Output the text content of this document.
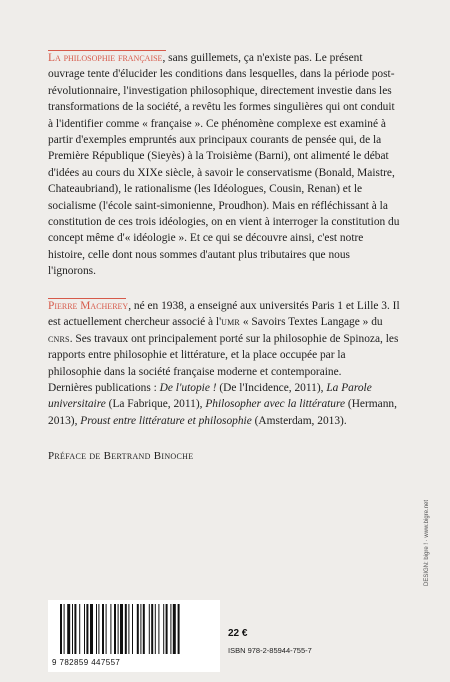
La philosophie française, sans guillemets, ça n'existe pas. Le présent ouvrage tente d'élucider les conditions dans lesquelles, dans la période post-révolutionnaire, l'investigation philosophique, directement investie dans les transformations de la société, a revêtu les formes singulières qui ont conduit à l'identifier comme « française ». Ce phénomène complexe est examiné à partir d'exemples empruntés aux principaux courants de pensée qui, de la Première République (Sieyès) à la Troisième (Barni), ont alimenté le débat d'idées au cours du XIXe siècle, à savoir le conservatisme (Bonald, Maistre, Chateaubriand), le rationalisme (les Idéologues, Cousin, Renan) et le socialisme (l'école saint-simonienne, Proudhon). Mais en réfléchissant à la constitution de ces trois idéologies, on en vient à interroger la constitution du concept même d'« idéologie ». Et ce qui se découvre ainsi, c'est notre histoire, celle dont nous sommes d'autant plus tributaires que nous l'ignorons.
Pierre Macherey, né en 1938, a enseigné aux universités Paris 1 et Lille 3. Il est actuellement chercheur associé à l'umr « Savoirs Textes Langage » du cnrs. Ses travaux ont principalement porté sur la philosophie de Spinoza, les rapports entre philosophie et littérature, et la place occupée par la philosophie dans la société française moderne et contemporaine.
Dernières publications : De l'utopie ! (De l'Incidence, 2011), La Parole universitaire (La Fabrique, 2011), Philosopher avec la littérature (Hermann, 2013), Proust entre littérature et philosophie (Amsterdam, 2013).
Préface de Bertrand Binoche
DESIGN: bigre ! · www.bigre.net
9 782859 447557
22 €
ISBN 978-2-85944-755-7
